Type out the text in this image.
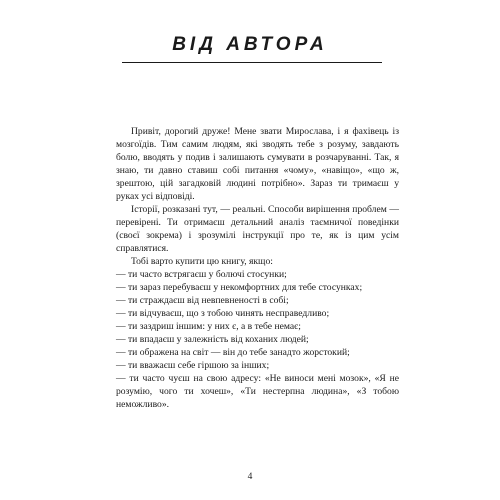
ВІД АВТОРА

Привіт, дорогий друже! Мене звати Мирослава, і я фахівець із мозгоїдів. Тим самим людям, які зводять тебе з розуму, завдають болю, вводять у подив і залишають сумувати в розчаруванні. Так, я знаю, ти давно ставиш собі питання «чому», «навіщо», «що ж, зрештою, цій загадковій людині потрібно». Зараз ти тримаєш у руках усі відповіді.

Історії, розказані тут, — реальні. Способи вирішення проблем — перевірені. Ти отримаєш детальний аналіз таємничої поведінки (своєї зокрема) і зрозумілі інструкції про те, як із цим усім справлятися.

Тобі варто купити цю книгу, якщо:

— ти часто встрягаєш у болючі стосунки;

— ти зараз перебуваєш у некомфортних для тебе стосунках;

— ти страждаєш від невпевненості в собі;

— ти відчуваєш, що з тобою чинять несправедливо;

— ти заздриш іншим: у них є, а в тебе немає;

— ти впадаєш у залежність від коханих людей;

— ти ображена на світ — він до тебе занадто жорстокий;

— ти вважаєш себе гіршою за інших;

— ти часто чуєш на свою адресу: «Не виноси мені мозок», «Я не розумію, чого ти хочеш», «Ти нестерпна людина», «З тобою неможливо».

4
